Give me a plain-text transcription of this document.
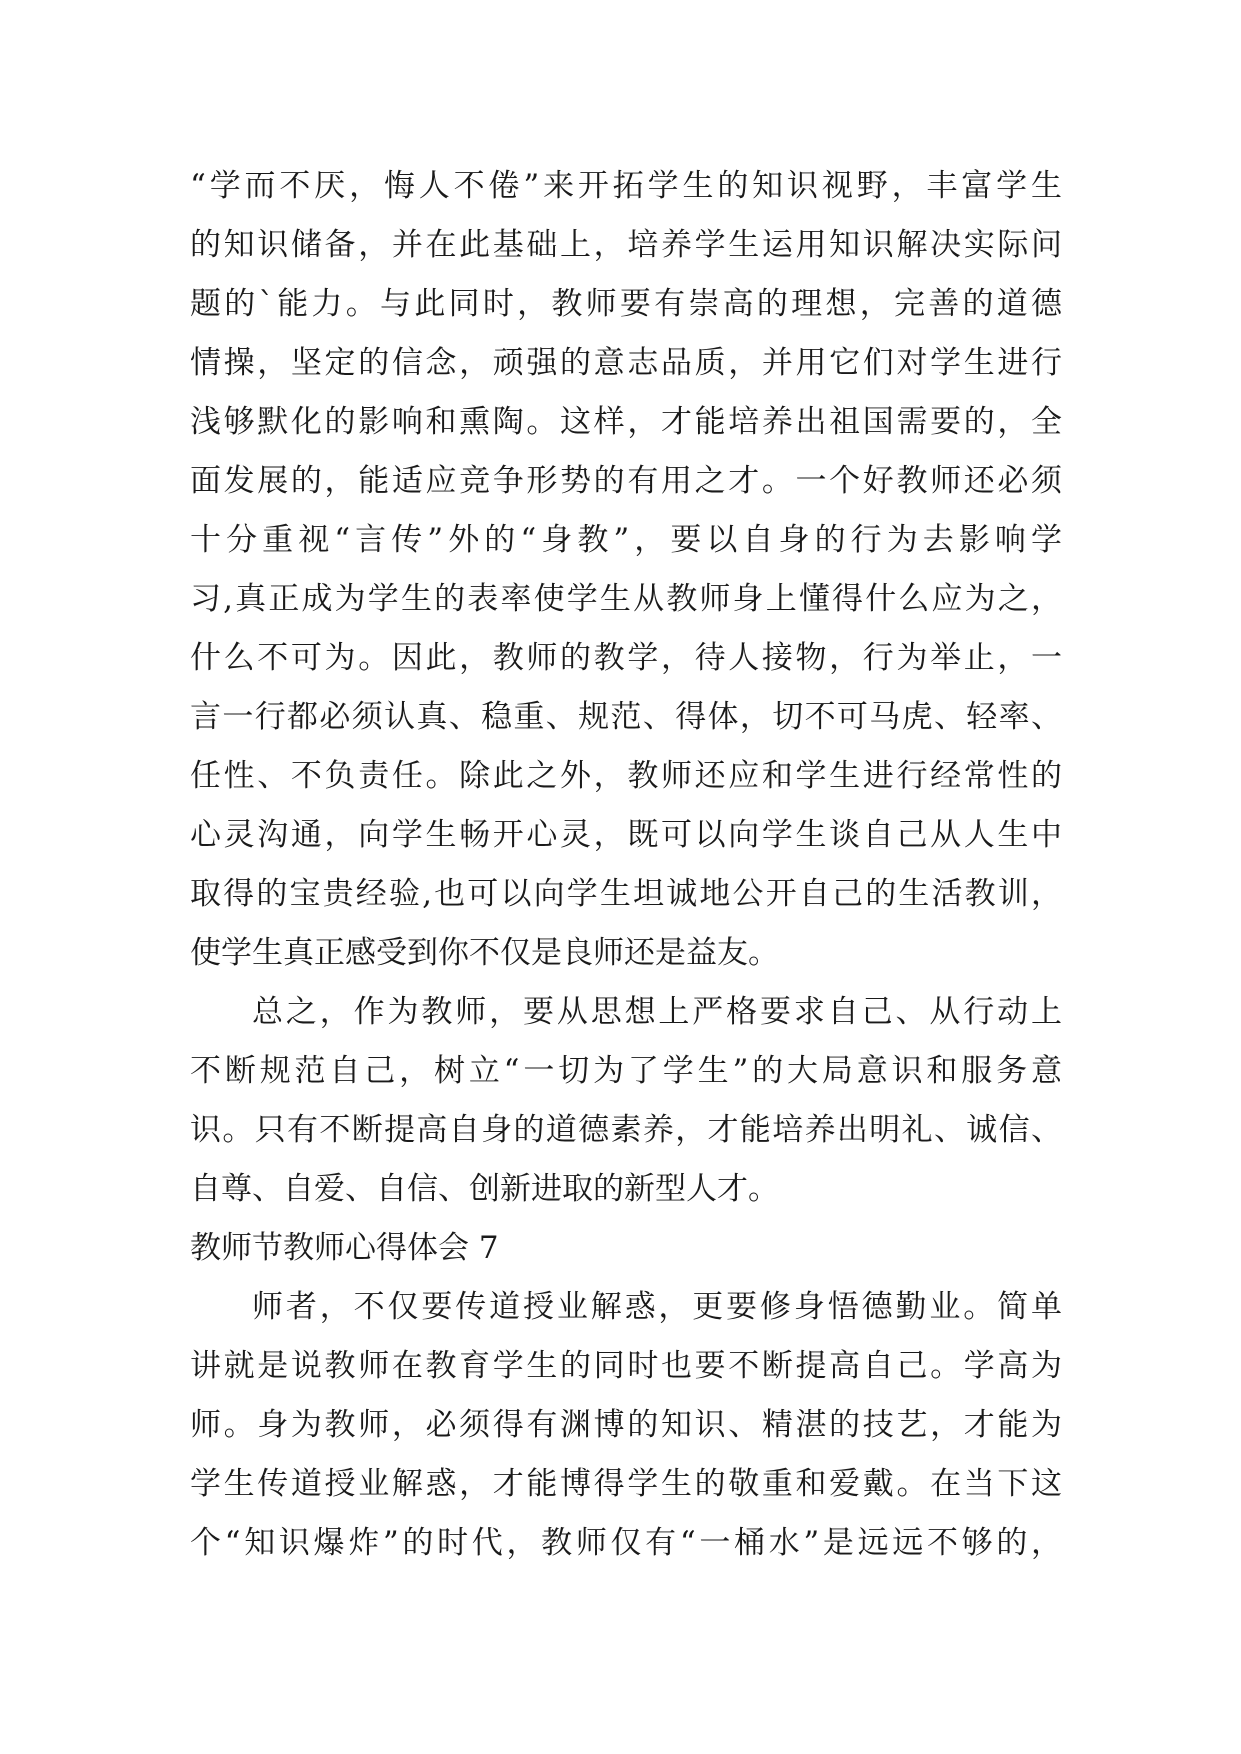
“学而不厌，悔人不倦”来开拓学生的知识视野，丰富学生
的知识储备，并在此基础上，培养学生运用知识解决实际问
题的`能力。与此同时，教师要有崇高的理想，完善的道德
情操，坚定的信念，顽强的意志品质，并用它们对学生进行
浅够默化的影响和熏陶。这样，才能培养出祖国需要的，全
面发展的，能适应竞争形势的有用之才。一个好教师还必须
十分重视“言传”外的“身教”，要以自身的行为去影响学
习,真正成为学生的表率使学生从教师身上懂得什么应为之，
什么不可为。因此，教师的教学，待人接物，行为举止，一
言一行都必须认真、稳重、规范、得体，切不可马虎、轻率、
任性、不负责任。除此之外，教师还应和学生进行经常性的
心灵沟通，向学生畅开心灵，既可以向学生谈自己从人生中
取得的宝贵经验,也可以向学生坦诚地公开自己的生活教训，
使学生真正感受到你不仅是良师还是益友。
总之，作为教师，要从思想上严格要求自己、从行动上
不断规范自己，树立“一切为了学生”的大局意识和服务意
识。只有不断提高自身的道德素养，才能培养出明礼、诚信、
自尊、自爱、自信、创新进取的新型人才。
教师节教师心得体会 7
师者，不仅要传道授业解惑，更要修身悟德勤业。简单
讲就是说教师在教育学生的同时也要不断提高自己。学高为
师。身为教师，必须得有渊博的知识、精湛的技艺，才能为
学生传道授业解惑，才能博得学生的敬重和爱戴。在当下这
个“知识爆炸”的时代，教师仅有“一桶水”是远远不够的，
